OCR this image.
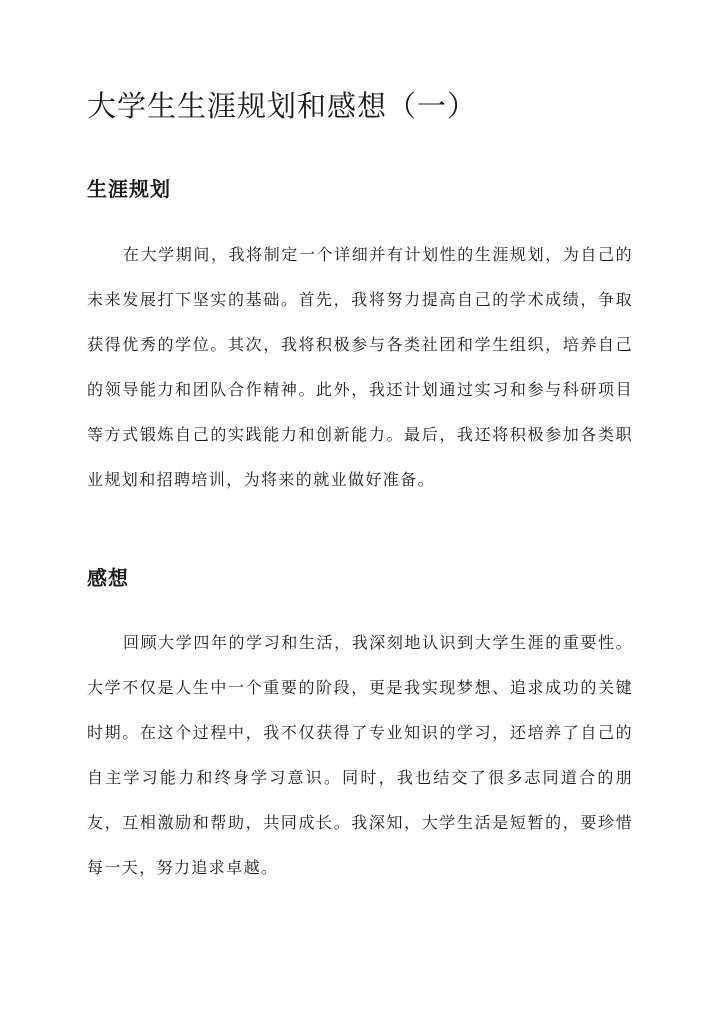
大学生生涯规划和感想（一）
生涯规划

在大学期间，我将制定一个详细并有计划性的生涯规划，为自己的未来发展打下坚实的基础。首先，我将努力提高自己的学术成绩，争取获得优秀的学位。其次，我将积极参与各类社团和学生组织，培养自己的领导能力和团队合作精神。此外，我还计划通过实习和参与科研项目等方式锻炼自己的实践能力和创新能力。最后，我还将积极参加各类职业规划和招聘培训，为将来的就业做好准备。

感想

回顾大学四年的学习和生活，我深刻地认识到大学生涯的重要性。大学不仅是人生中一个重要的阶段，更是我实现梦想、追求成功的关键时期。在这个过程中，我不仅获得了专业知识的学习，还培养了自己的自主学习能力和终身学习意识。同时，我也结交了很多志同道合的朋友，互相激励和帮助，共同成长。我深知，大学生活是短暂的，要珍惜每一天，努力追求卓越。
